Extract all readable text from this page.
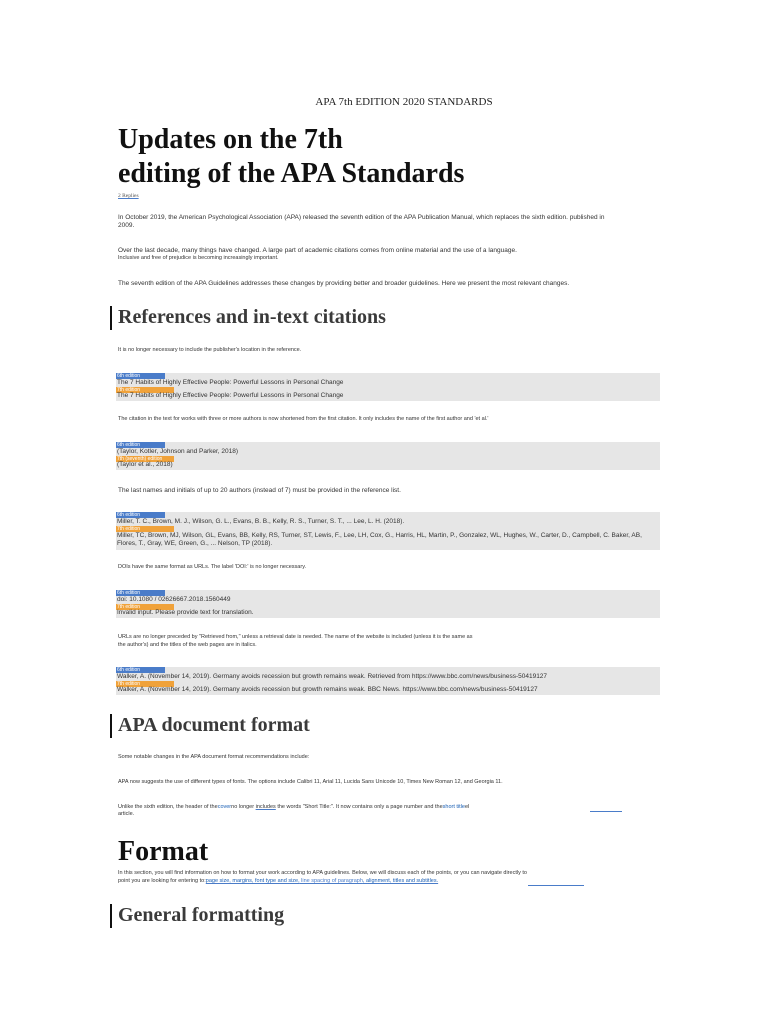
APA 7th EDITION 2020 STANDARDS
Updates on the 7th
editing of the APA Standards
2 Replies
In October 2019, the American Psychological Association (APA) released the seventh edition of the APA Publication Manual, which replaces the sixth edition. published in 2009.
Over the last decade, many things have changed. A large part of academic citations comes from online material and the use of a language.
Inclusive and free of prejudice is becoming increasingly important.
The seventh edition of the APA Guidelines addresses these changes by providing better and broader guidelines. Here we present the most relevant changes.
References and in-text citations
It is no longer necessary to include the publisher's location in the reference.
6th edition
The 7 Habits of Highly Effective People: Powerful Lessons in Personal Change
7th edition
The 7 Habits of Highly Effective People: Powerful Lessons in Personal Change
The citation in the text for works with three or more authors is now shortened from the first citation. It only includes the name of the first author and 'et al.'
6th edition
(Taylor, Kotler, Johnson and Parker, 2018)
7th (seventh) edition
(Taylor et al., 2018)
The last names and initials of up to 20 authors (instead of 7) must be provided in the reference list.
6th edition
Miller, T. C., Brown, M. J., Wilson, G. L., Evans, B. B., Kelly, R. S., Turner, S. T., ... Lee, L. H. (2018).
7th edition
Miller, TC, Brown, MJ, Wilson, GL, Evans, BB, Kelly, RS, Turner, ST, Lewis, F., Lee, LH, Cox, G., Harris, HL, Martin, P., Gonzalez, WL, Hughes, W., Carter, D., Campbell, C. Baker, AB, Flores, T., Gray, WE, Green, G., ... Nelson, TP (2018).
DOIs have the same format as URLs. The label 'DOI:' is no longer necessary.
6th edition
doi: 10.1080 / 02626667.2018.1560449
7th edition
Invalid input. Please provide text for translation.
URLs are no longer preceded by "Retrieved from," unless a retrieval date is needed. The name of the website is included (unless it is the same as
the author's) and the titles of the web pages are in italics.
6th edition
Walker, A. (November 14, 2019). Germany avoids recession but growth remains weak. Retrieved from https://www.bbc.com/news/business-50419127
7th edition
Walker, A. (November 14, 2019). Germany avoids recession but growth remains weak. BBC News. https://www.bbc.com/news/business-50419127
APA document format
Some notable changes in the APA document format recommendations include:
APA now suggests the use of different types of fonts. The options include Calibri 11, Arial 11, Lucida Sans Unicode 10, Times New Roman 12, and Georgia 11.
Unlike the sixth edition, the header of thecoverno longer includes the words "Short Title:". It now contains only a page number and theshort titleel
article.
Format
In this section, you will find information on how to format your work according to APA guidelines. Below, we will discuss each of the points, or you can navigate directly to
point you are looking for entering to:page size, margins, font type and size, line spacing of paragraph, alignment, titles and subtitles.
General formatting
